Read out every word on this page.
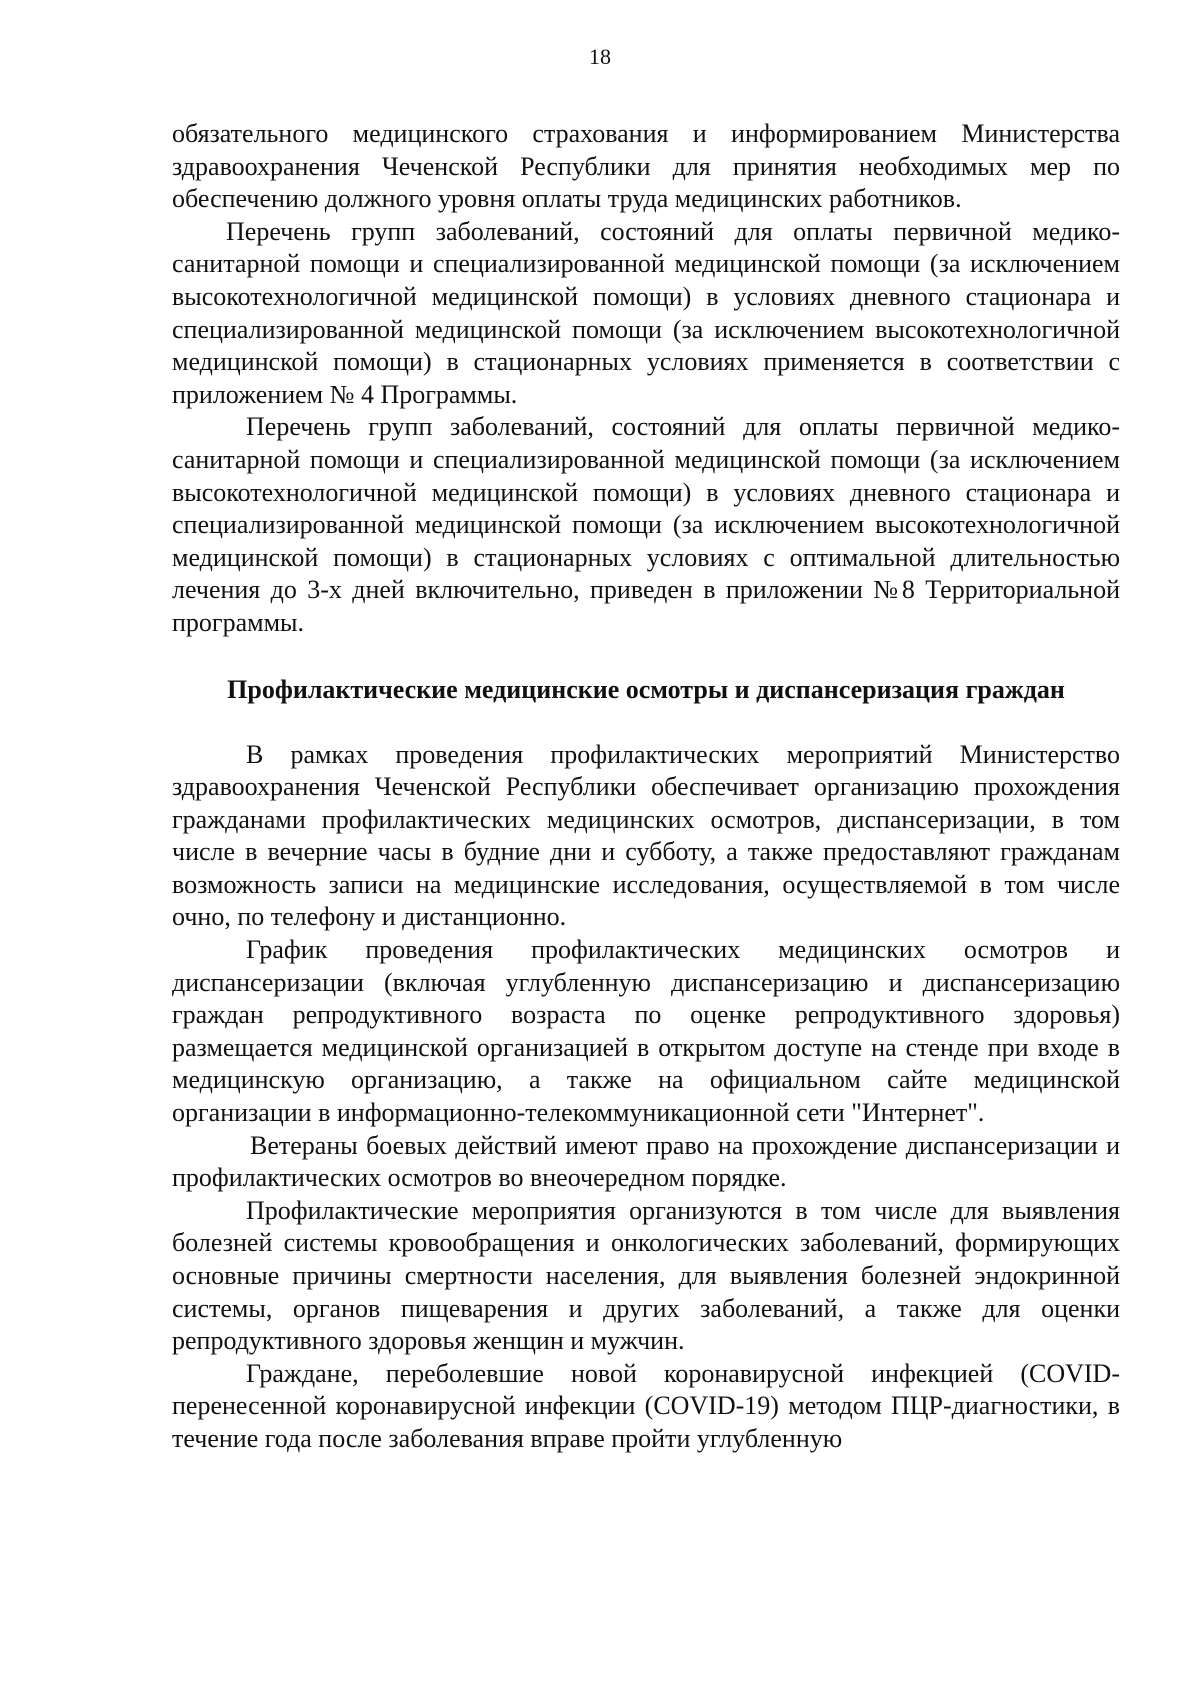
18

обязательного медицинского страхования и информированием Министерства здравоохранения Чеченской Республики для принятия необходимых мер по обеспечению должного уровня оплаты труда медицинских работников.

Перечень групп заболеваний, состояний для оплаты первичной медико-санитарной помощи и специализированной медицинской помощи (за исключением высокотехнологичной медицинской помощи) в условиях дневного стационара и специализированной медицинской помощи (за исключением высокотехнологичной медицинской помощи) в стационарных условиях применяется в соответствии с приложением № 4 Программы.

Перечень групп заболеваний, состояний для оплаты первичной медико-санитарной помощи и специализированной медицинской помощи (за исключением высокотехнологичной медицинской помощи) в условиях дневного стационара и специализированной медицинской помощи (за исключением высокотехнологичной медицинской помощи) в стационарных условиях с оптимальной длительностью лечения до 3-х дней включительно, приведен в приложении №8 Территориальной программы.

Профилактические медицинские осмотры и диспансеризация граждан

В рамках проведения профилактических мероприятий Министерство здравоохранения Чеченской Республики обеспечивает организацию прохождения гражданами профилактических медицинских осмотров, диспансеризации, в том числе в вечерние часы в будние дни и субботу, а также предоставляют гражданам возможность записи на медицинские исследования, осуществляемой в том числе очно, по телефону и дистанционно.

График проведения профилактических медицинских осмотров и диспансеризации (включая углубленную диспансеризацию и диспансеризацию граждан репродуктивного возраста по оценке репродуктивного здоровья) размещается медицинской организацией в открытом доступе на стенде при входе в медицинскую организацию, а также на официальном сайте медицинской организации в информационно-телекоммуникационной сети "Интернет".

Ветераны боевых действий имеют право на прохождение диспансеризации и профилактических осмотров во внеочередном порядке.

Профилактические мероприятия организуются в том числе для выявления болезней системы кровообращения и онкологических заболеваний, формирующих основные причины смертности населения, для выявления болезней эндокринной системы, органов пищеварения и других заболеваний, а также для оценки репродуктивного здоровья женщин и мужчин.

Граждане, переболевшие новой коронавирусной инфекцией (COVID-перенесенной коронавирусной инфекции (COVID-19) методом ПЦР-диагностики, в течение года после заболевания вправе пройти углубленную
